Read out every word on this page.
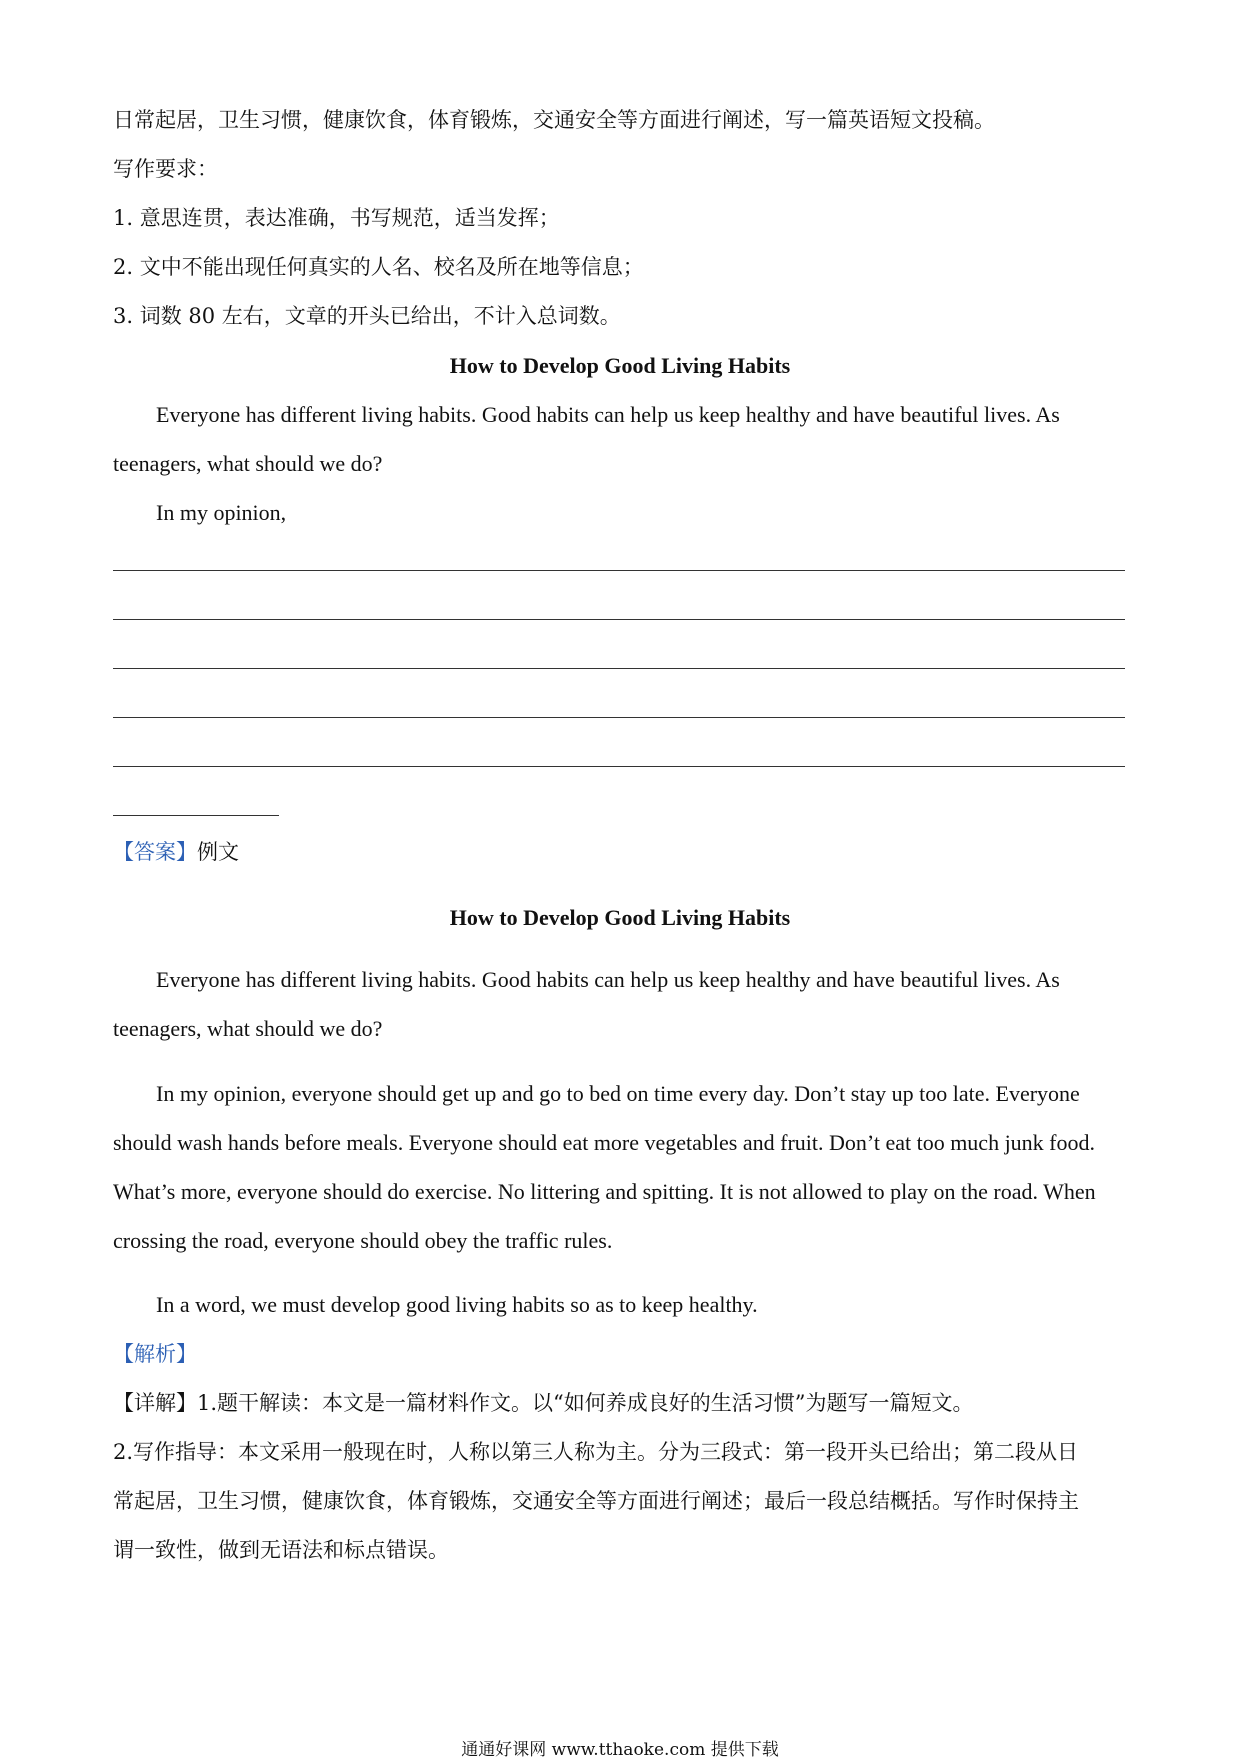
日常起居，卫生习惯，健康饮食，体育锻炼，交通安全等方面进行阐述，写一篇英语短文投稿。
写作要求：
1. 意思连贯，表达准确，书写规范，适当发挥；
2. 文中不能出现任何真实的人名、校名及所在地等信息；
3. 词数 80 左右，文章的开头已给出，不计入总词数。
How to Develop Good Living Habits
Everyone has different living habits. Good habits can help us keep healthy and have beautiful lives. As
teenagers, what should we do?
In my opinion,
【答案】例文
How to Develop Good Living Habits
Everyone has different living habits. Good habits can help us keep healthy and have beautiful lives. As
teenagers, what should we do?
In my opinion, everyone should get up and go to bed on time every day. Don’t stay up too late. Everyone
should wash hands before meals. Everyone should eat more vegetables and fruit. Don’t eat too much junk food.
What’s more, everyone should do exercise. No littering and spitting. It is not allowed to play on the road. When
crossing the road, everyone should obey the traffic rules.
In a word, we must develop good living habits so as to keep healthy.
【解析】
【详解】1.题干解读：本文是一篇材料作文。以“如何养成良好的生活习惯”为题写一篇短文。
2.写作指导：本文采用一般现在时，人称以第三人称为主。分为三段式：第一段开头已给出；第二段从日
常起居，卫生习惯，健康饮食，体育锻炼，交通安全等方面进行阐述；最后一段总结概括。写作时保持主
谓一致性，做到无语法和标点错误。
通通好课网 www.tthaoke.com 提供下载
